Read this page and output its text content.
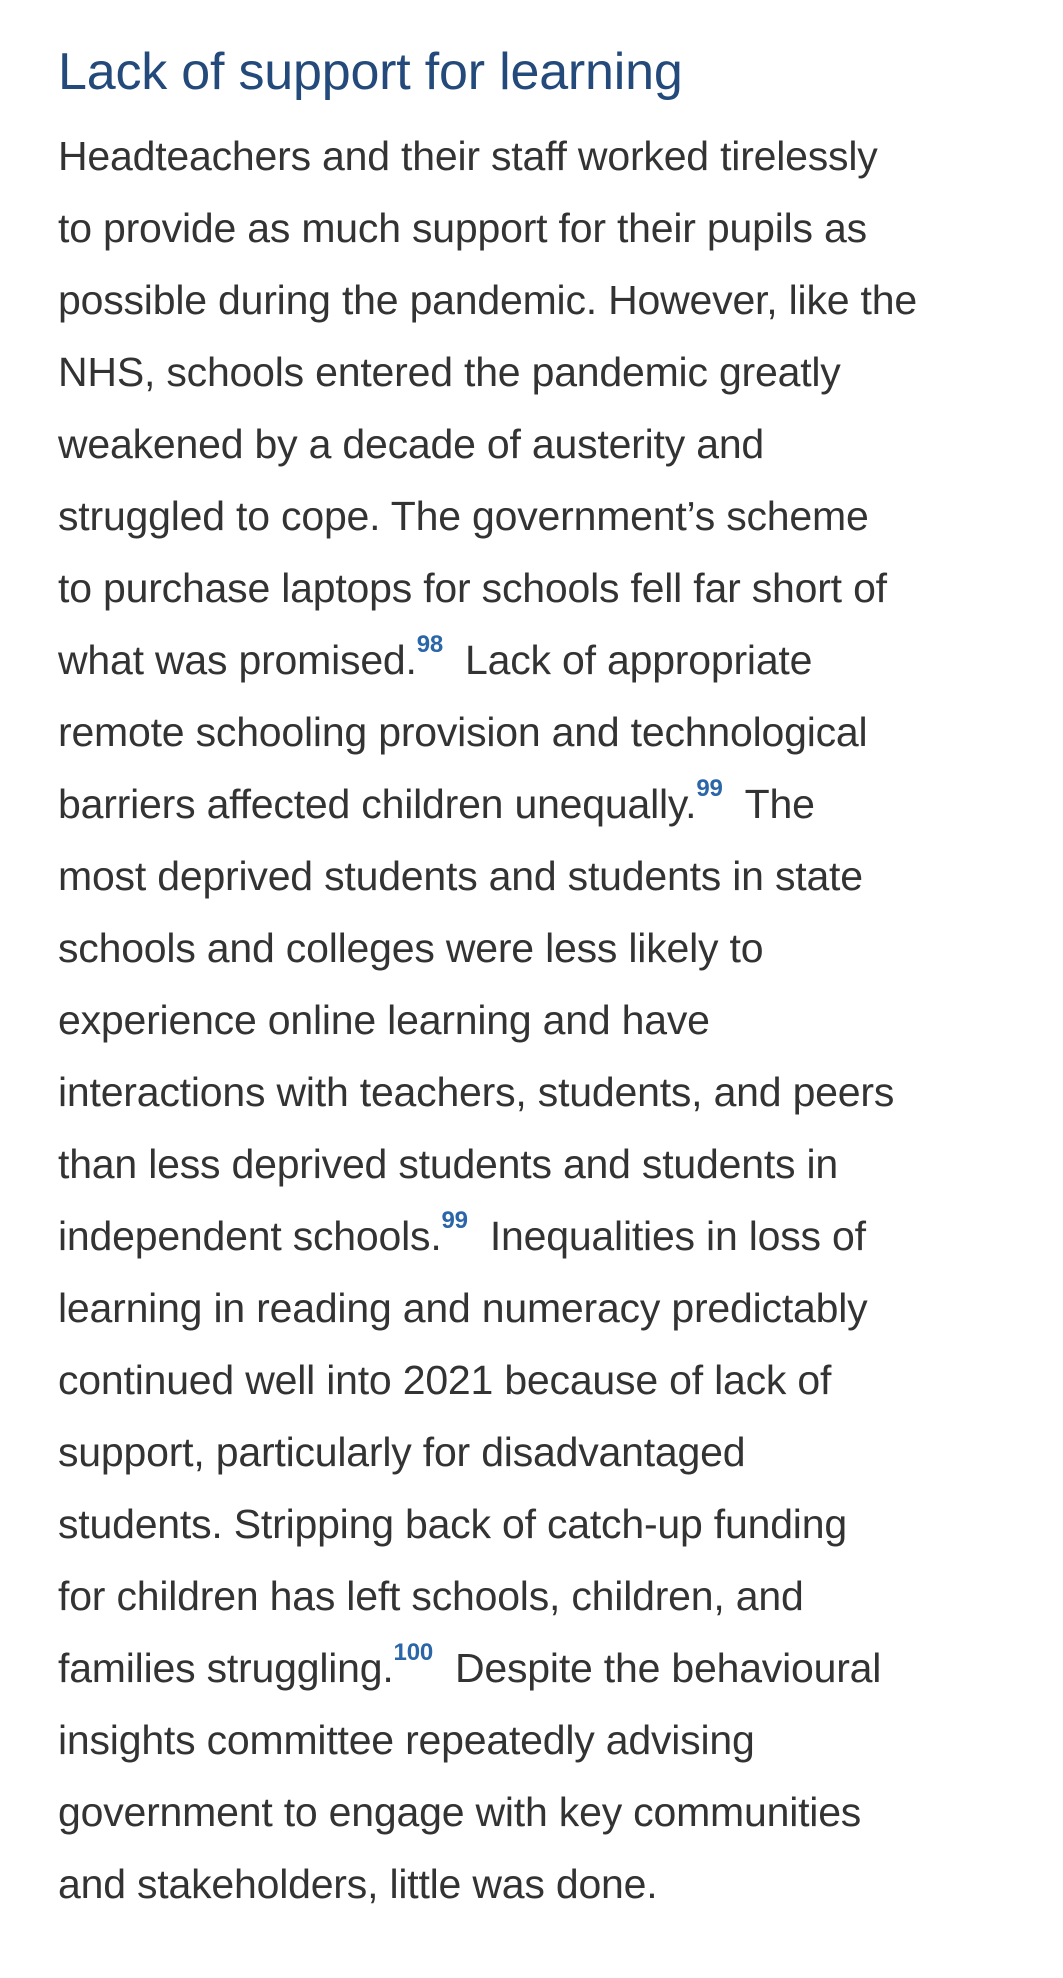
Lack of support for learning

Headteachers and their staff worked tirelessly
to provide as much support for their pupils as
possible during the pandemic. However, like the
NHS, schools entered the pandemic greatly
weakened by a decade of austerity and
struggled to cope. The government’s scheme
to purchase laptops for schools fell far short of
what was promised.$^{98}$ Lack of appropriate
remote schooling provision and technological
barriers affected children unequally.$^{99}$ The
most deprived students and students in state
schools and colleges were less likely to
experience online learning and have
interactions with teachers, students, and peers
than less deprived students and students in
independent schools.$^{99}$ Inequalities in loss of
learning in reading and numeracy predictably
continued well into 2021 because of lack of
support, particularly for disadvantaged
students. Stripping back of catch-up funding
for children has left schools, children, and
families struggling.$^{100}$ Despite the behavioural
insights committee repeatedly advising
government to engage with key communities
and stakeholders, little was done.
